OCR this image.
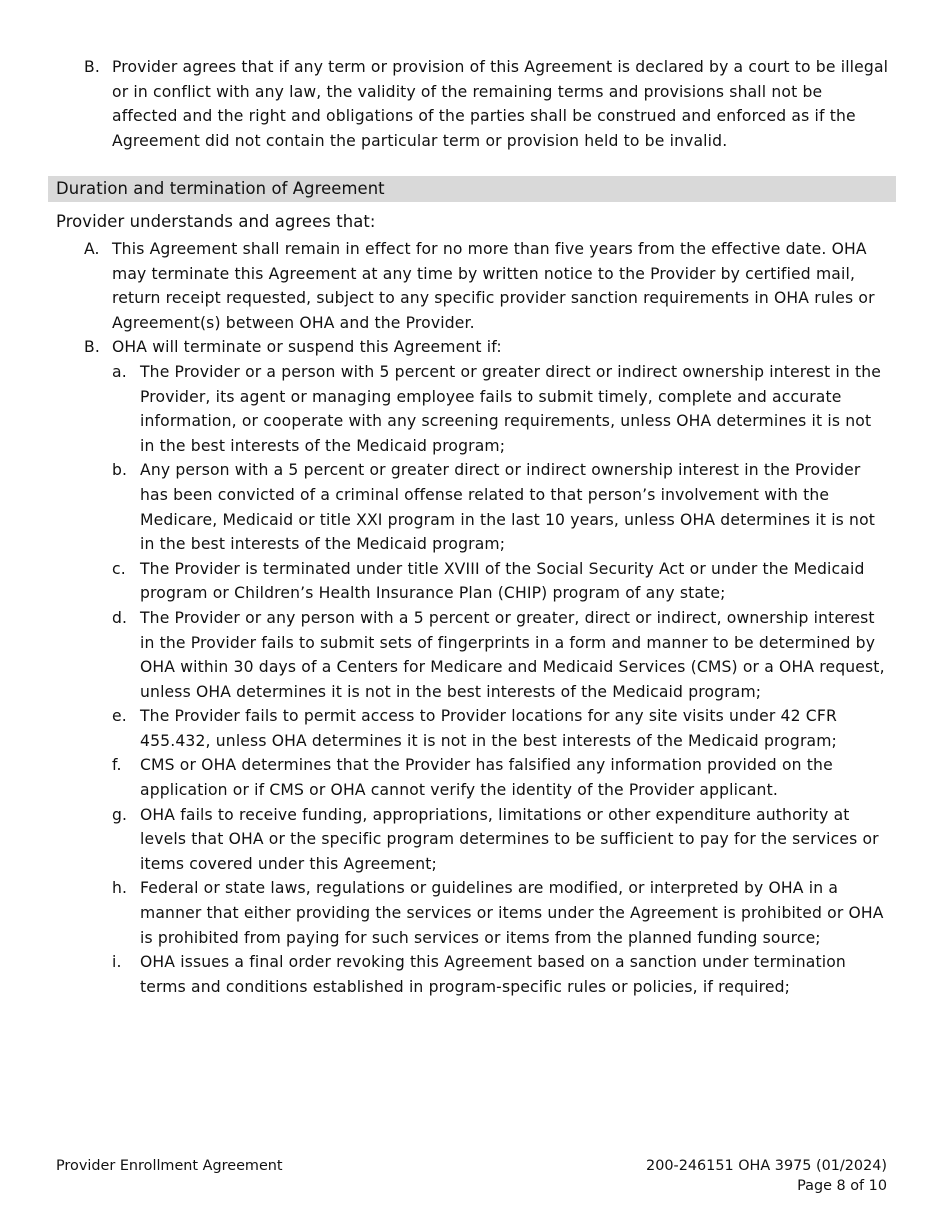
B. Provider agrees that if any term or provision of this Agreement is declared by a court to be illegal or in conflict with any law, the validity of the remaining terms and provisions shall not be affected and the right and obligations of the parties shall be construed and enforced as if the Agreement did not contain the particular term or provision held to be invalid.
Duration and termination of Agreement
Provider understands and agrees that:
A. This Agreement shall remain in effect for no more than five years from the effective date. OHA may terminate this Agreement at any time by written notice to the Provider by certified mail, return receipt requested, subject to any specific provider sanction requirements in OHA rules or Agreement(s) between OHA and the Provider.
B. OHA will terminate or suspend this Agreement if:
a. The Provider or a person with 5 percent or greater direct or indirect ownership interest in the Provider, its agent or managing employee fails to submit timely, complete and accurate information, or cooperate with any screening requirements, unless OHA determines it is not in the best interests of the Medicaid program;
b. Any person with a 5 percent or greater direct or indirect ownership interest in the Provider has been convicted of a criminal offense related to that person’s involvement with the Medicare, Medicaid or title XXI program in the last 10 years, unless OHA determines it is not in the best interests of the Medicaid program;
c. The Provider is terminated under title XVIII of the Social Security Act or under the Medicaid program or Children’s Health Insurance Plan (CHIP) program of any state;
d. The Provider or any person with a 5 percent or greater, direct or indirect, ownership interest in the Provider fails to submit sets of fingerprints in a form and manner to be determined by OHA within 30 days of a Centers for Medicare and Medicaid Services (CMS) or a OHA request, unless OHA determines it is not in the best interests of the Medicaid program;
e. The Provider fails to permit access to Provider locations for any site visits under 42 CFR 455.432, unless OHA determines it is not in the best interests of the Medicaid program;
f. CMS or OHA determines that the Provider has falsified any information provided on the application or if CMS or OHA cannot verify the identity of the Provider applicant.
g. OHA fails to receive funding, appropriations, limitations or other expenditure authority at levels that OHA or the specific program determines to be sufficient to pay for the services or items covered under this Agreement;
h. Federal or state laws, regulations or guidelines are modified, or interpreted by OHA in a manner that either providing the services or items under the Agreement is prohibited or OHA is prohibited from paying for such services or items from the planned funding source;
i. OHA issues a final order revoking this Agreement based on a sanction under termination terms and conditions established in program-specific rules or policies, if required;
Provider Enrollment Agreement	200-246151 OHA 3975 (01/2024)
Page 8 of 10
